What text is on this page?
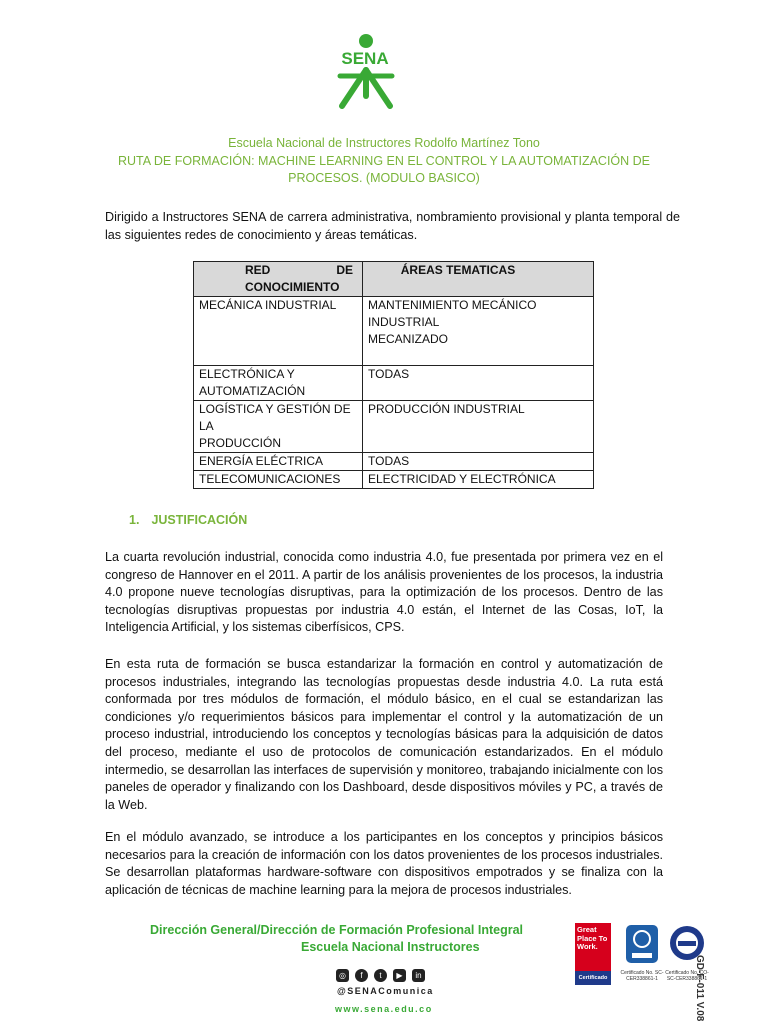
SENA
Escuela Nacional de Instructores Rodolfo Martínez Tono
RUTA DE FORMACIÓN: MACHINE LEARNING EN EL CONTROL Y LA AUTOMATIZACIÓN DE
PROCESOS. (MODULO BASICO)
Dirigido a Instructores SENA de carrera administrativa, nombramiento provisional y planta temporal de las siguientes redes de conocimiento y áreas temáticas.
RED DE
CONOCIMIENTO	ÁREAS TEMATICAS

MECÁNICA INDUSTRIAL	MANTENIMIENTO MECÁNICO
INDUSTRIAL
MECANIZADO

ELECTRÓNICA Y
AUTOMATIZACIÓN	TODAS

LOGÍSTICA Y GESTIÓN DE LA
PRODUCCIÓN	PRODUCCIÓN INDUSTRIAL
ENERGÍA ELÉCTRICA	TODAS
TELECOMUNICACIONES	ELECTRICIDAD Y ELECTRÓNICA
1. JUSTIFICACIÓN
La cuarta revolución industrial, conocida como industria 4.0, fue presentada por primera vez en el congreso de Hannover en el 2011. A partir de los análisis provenientes de los procesos, la industria 4.0 propone nueve tecnologías disruptivas, para la optimización de los procesos. Dentro de las tecnologías disruptivas propuestas por industria 4.0 están, el Internet de las Cosas, IoT, la Inteligencia Artificial, y los sistemas ciberfísicos, CPS.
En esta ruta de formación se busca estandarizar la formación en control y automatización de procesos industriales, integrando las tecnologías propuestas desde industria 4.0. La ruta está conformada por tres módulos de formación, el módulo básico, en el cual se estandarizan las condiciones y/o requerimientos básicos para implementar el control y la automatización de un proceso industrial, introduciendo los conceptos y tecnologías básicas para la adquisición de datos del proceso, mediante el uso de protocolos de comunicación estandarizados. En el módulo intermedio, se desarrollan las interfaces de supervisión y monitoreo, trabajando inicialmente con los paneles de operador y finalizando con los Dashboard, desde dispositivos móviles y PC, a través de la Web.
En el módulo avanzado, se introduce a los participantes en los conceptos y principios básicos necesarios para la creación de información con los datos provenientes de los procesos industriales. Se desarrollan plataformas hardware-software con dispositivos empotrados y se finaliza con la aplicación de técnicas de machine learning para la mejora de procesos industriales.
Dirección General/Dirección de Formación Profesional Integral
Escuela Nacional Instructores
◎	f	t	▶	in
@SENAComunica
www.sena.edu.co
Great Place To Work.
Certificado
Certificado No. SC-CER338861-1
Certificado No. CO-SC-CER338861-1
GD-F-011 V.08
